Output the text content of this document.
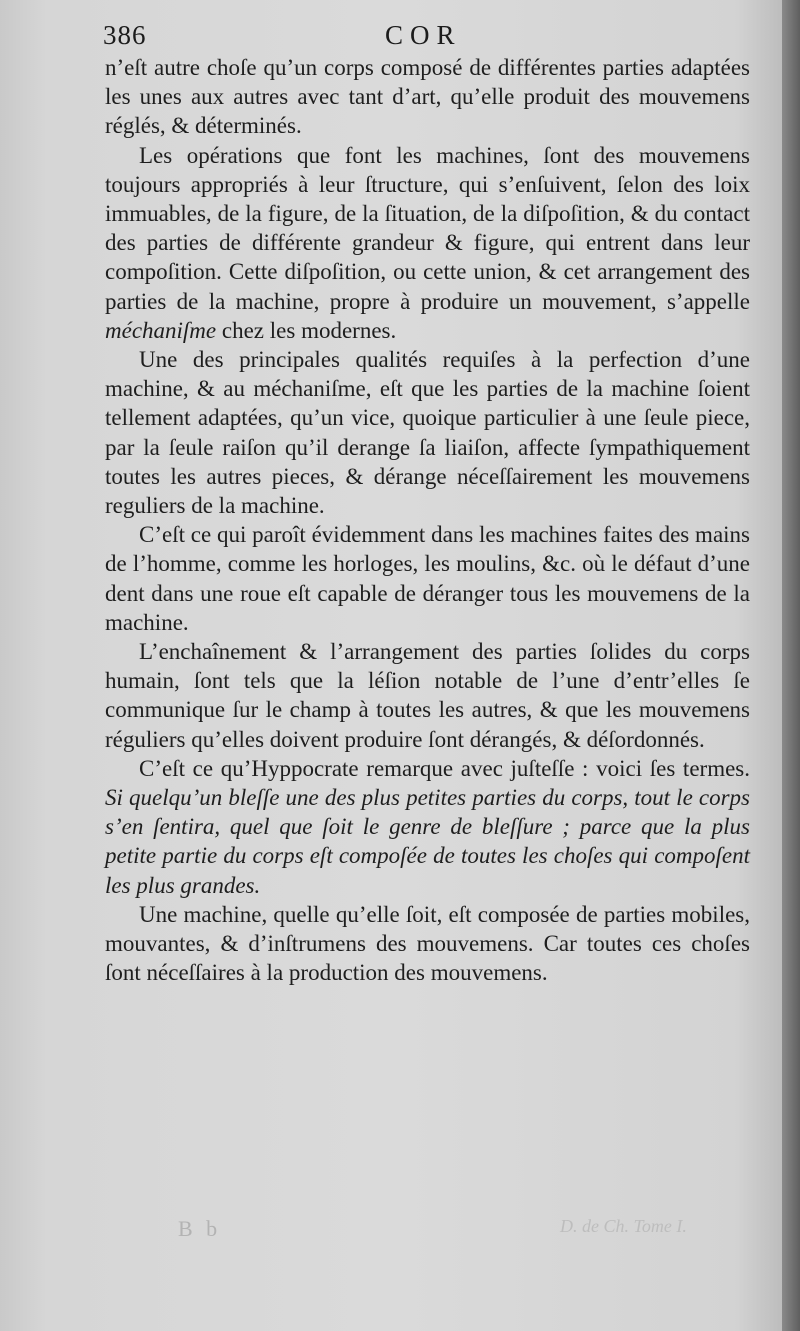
386	COR

n’eſt autre choſe qu’un corps composé de différentes parties adaptées les unes aux autres avec tant d’art, qu’elle produit des mouvemens réglés, & déterminés.

Les opérations que font les machines, ſont des mouvemens toujours appropriés à leur ſtructure, qui s’enſuivent, ſelon des loix immuables, de la figure, de la ſituation, de la diſpoſition, & du contact des parties de différente grandeur & figure, qui entrent dans leur compoſition. Cette diſpoſition, ou cette union, & cet arrangement des parties de la machine, propre à produire un mouvement, s’appelle méchaniſme chez les modernes.

Une des principales qualités requiſes à la perfection d’une machine, & au méchaniſme, eſt que les parties de la machine ſoient tellement adaptées, qu’un vice, quoique particulier à une ſeule piece, par la ſeule raiſon qu’il derange ſa liaiſon, affecte ſympathiquement toutes les autres pieces, & dérange néceſſairement les mouvemens reguliers de la machine.

C’eſt ce qui paroît évidemment dans les machines faites des mains de l’homme, comme les horloges, les moulins, &c. où le défaut d’une dent dans une roue eſt capable de déranger tous les mouvemens de la machine.

L’enchaînement & l’arrangement des parties ſolides du corps humain, ſont tels que la léſion notable de l’une d’entr’elles ſe communique ſur le champ à toutes les autres, & que les mouvemens réguliers qu’elles doivent produire ſont dérangés, & déſordonnés.

C’eſt ce qu’Hyppocrate remarque avec juſteſſe : voici ſes termes. Si quelqu’un bleſſe une des plus petites parties du corps, tout le corps s’en ſentira, quel que ſoit le genre de bleſſure ; parce que la plus petite partie du corps eſt compoſée de toutes les choſes qui compoſent les plus grandes.

Une machine, quelle qu’elle ſoit, eſt composée de parties mobiles, mouvantes, & d’inſtrumens des mouvemens. Car toutes ces choſes ſont néceſſaires à la production des mouvemens.

B b	D. de Ch. Tome I.
